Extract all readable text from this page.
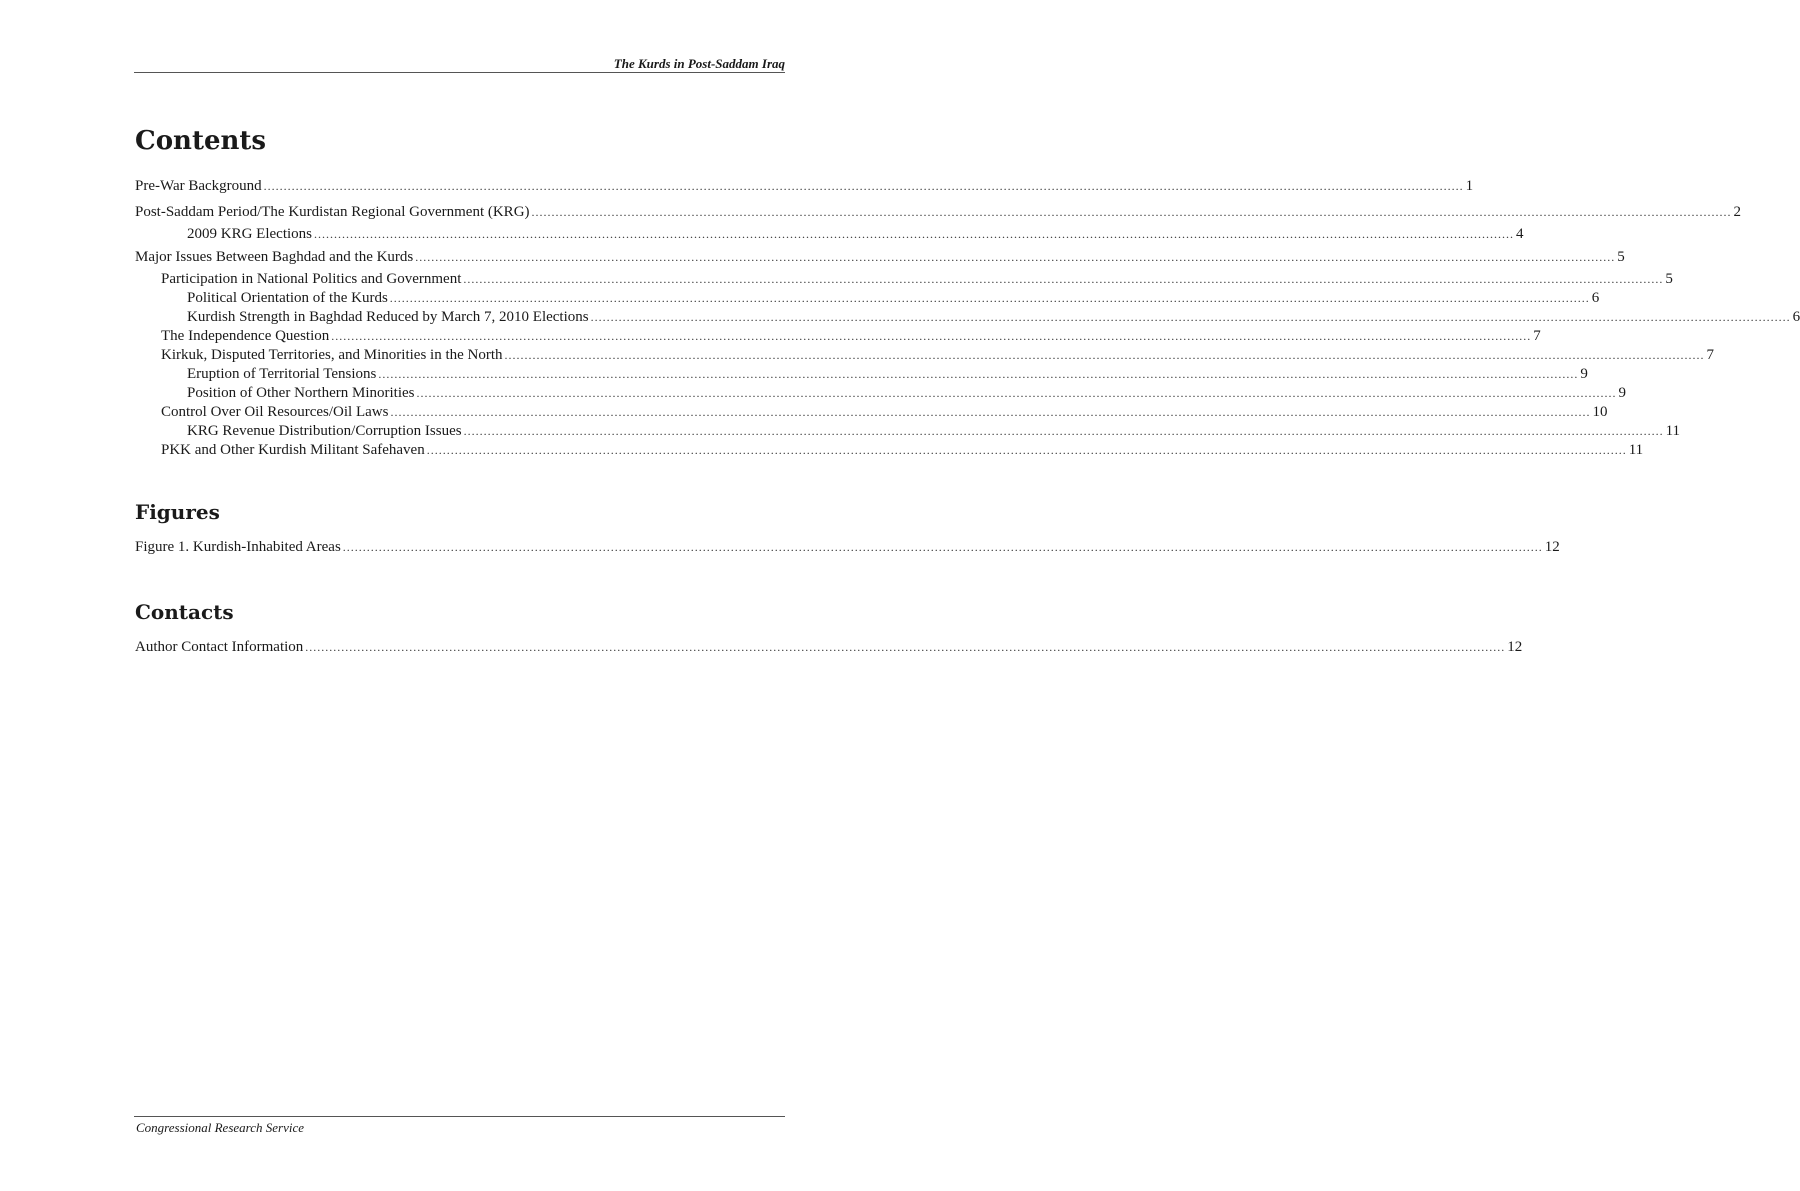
The Kurds in Post-Saddam Iraq
Contents
Pre-War Background ............................................................................................................................................................................................................................................................................................................ 1
Post-Saddam Period/The Kurdistan Regional Government (KRG) ............................................................................................................................................................................................................................................................................................................ 2
2009 KRG Elections ............................................................................................................................................................................................................................................................................................................ 4
Major Issues Between Baghdad and the Kurds ............................................................................................................................................................................................................................................................................................................ 5
Participation in National Politics and Government ............................................................................................................................................................................................................................................................................................................ 5
Political Orientation of the Kurds ............................................................................................................................................................................................................................................................................................................ 6
Kurdish Strength in Baghdad Reduced by March 7, 2010 Elections ............................................................................................................................................................................................................................................................................................................ 6
The Independence Question ............................................................................................................................................................................................................................................................................................................ 7
Kirkuk, Disputed Territories, and Minorities in the North ............................................................................................................................................................................................................................................................................................................ 7
Eruption of Territorial Tensions ............................................................................................................................................................................................................................................................................................................ 9
Position of Other Northern Minorities ............................................................................................................................................................................................................................................................................................................ 9
Control Over Oil Resources/Oil Laws ............................................................................................................................................................................................................................................................................................................ 10
KRG Revenue Distribution/Corruption Issues ............................................................................................................................................................................................................................................................................................................ 11
PKK and Other Kurdish Militant Safehaven ............................................................................................................................................................................................................................................................................................................ 11
Figures
Figure 1. Kurdish-Inhabited Areas ............................................................................................................................................................................................................................................................................................................ 12
Contacts
Author Contact Information ............................................................................................................................................................................................................................................................................................................ 12
Congressional Research Service
